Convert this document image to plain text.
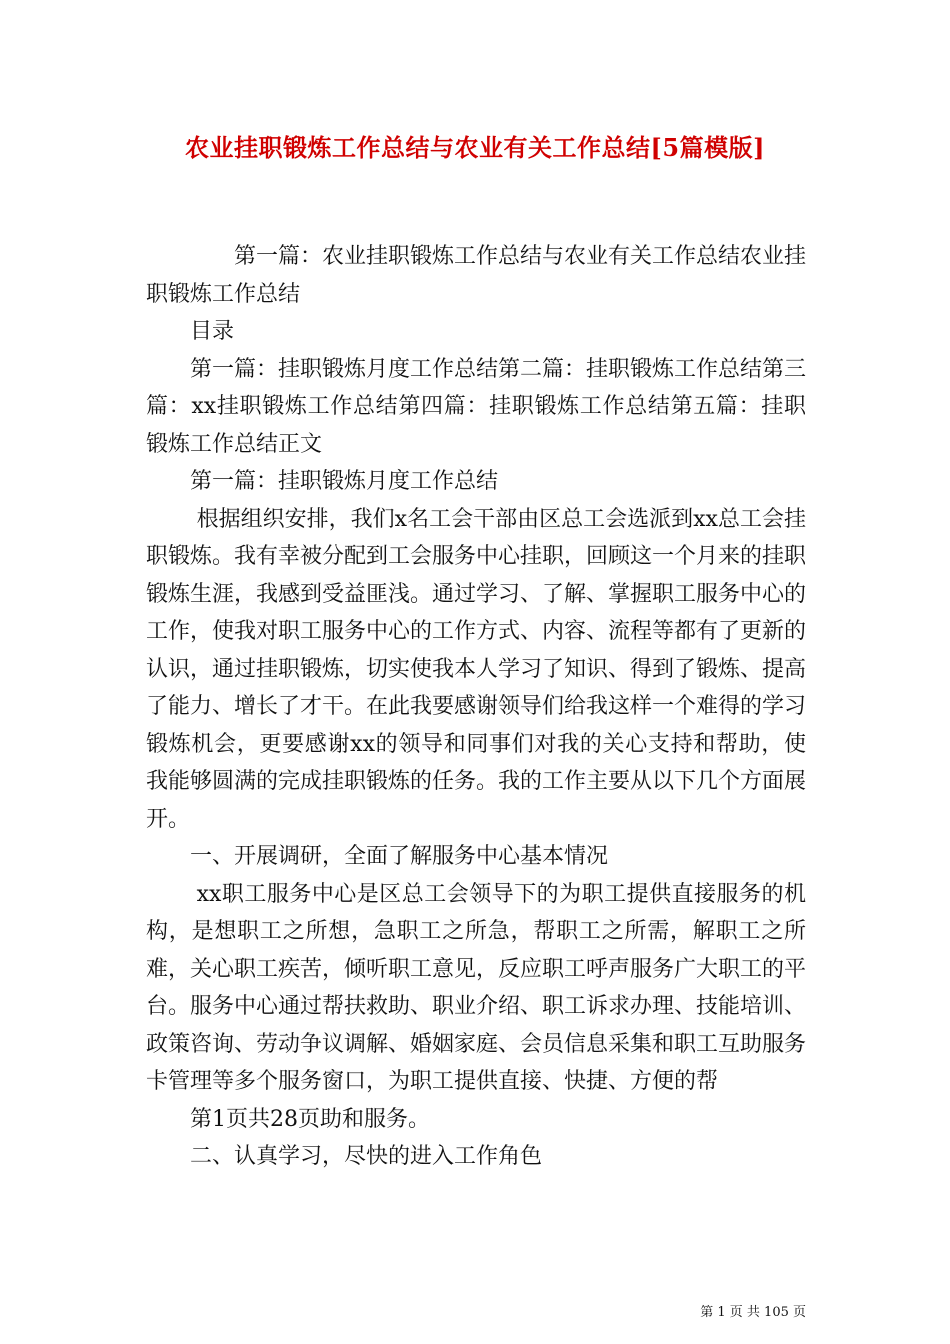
农业挂职锻炼工作总结与农业有关工作总结[5篇模版]

第一篇：农业挂职锻炼工作总结与农业有关工作总结农业挂职锻炼工作总结

目录

第一篇：挂职锻炼月度工作总结第二篇：挂职锻炼工作总结第三篇：xx挂职锻炼工作总结第四篇：挂职锻炼工作总结第五篇：挂职锻炼工作总结正文

第一篇：挂职锻炼月度工作总结

根据组织安排，我们x名工会干部由区总工会选派到xx总工会挂职锻炼。我有幸被分配到工会服务中心挂职，回顾这一个月来的挂职锻炼生涯，我感到受益匪浅。通过学习、了解、掌握职工服务中心的工作，使我对职工服务中心的工作方式、内容、流程等都有了更新的认识，通过挂职锻炼，切实使我本人学习了知识、得到了锻炼、提高了能力、增长了才干。在此我要感谢领导们给我这样一个难得的学习锻炼机会，更要感谢xx的领导和同事们对我的关心支持和帮助，使我能够圆满的完成挂职锻炼的任务。我的工作主要从以下几个方面展开。

一、开展调研，全面了解服务中心基本情况

xx职工服务中心是区总工会领导下的为职工提供直接服务的机构，是想职工之所想，急职工之所急，帮职工之所需，解职工之所难，关心职工疾苦，倾听职工意见，反应职工呼声服务广大职工的平台。服务中心通过帮扶救助、职业介绍、职工诉求办理、技能培训、政策咨询、劳动争议调解、婚姻家庭、会员信息采集和职工互助服务卡管理等多个服务窗口，为职工提供直接、快捷、方便的帮

第1页共28页助和服务。

二、认真学习，尽快的进入工作角色

第 1 页 共 105 页
